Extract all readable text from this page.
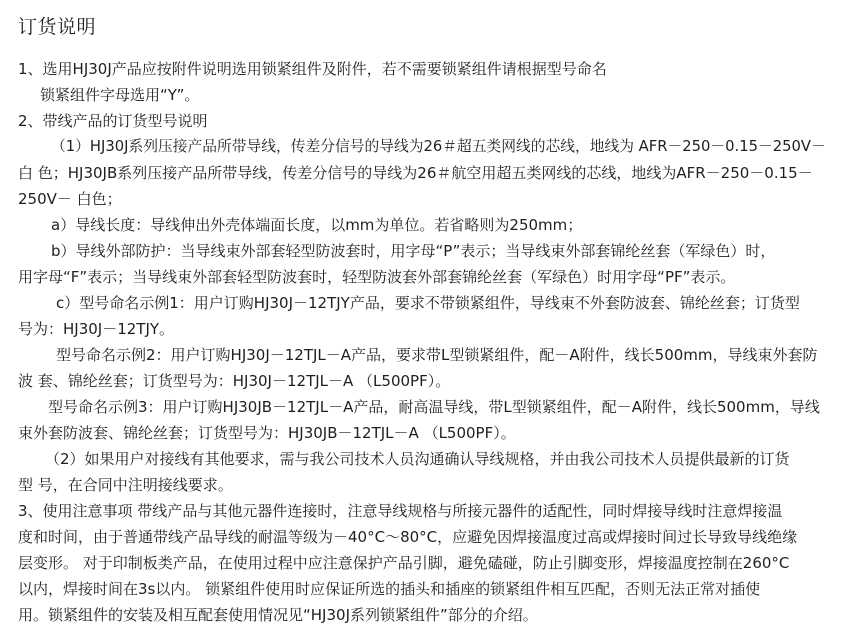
订货说明

1、选用HJ30J产品应按附件说明选用锁紧组件及附件，若不需要锁紧组件请根据型号命名

锁紧组件字母选用“Y”。

2、带线产品的订货型号说明

（1）HJ30J系列压接产品所带导线，传差分信号的导线为26＃超五类网线的芯线，地线为 AFR－250－0.15－250V－

白 色；HJ30JB系列压接产品所带导线，传差分信号的导线为26＃航空用超五类网线的芯线，地线为AFR－250－0.15－

250V－ 白色；

a）导线长度：导线伸出外壳体端面长度，以mm为单位。若省略则为250mm；

b）导线外部防护：当导线束外部套轻型防波套时，用字母“P”表示；当导线束外部套锦纶丝套（军绿色）时，

用字母“F”表示；当导线束外部套轻型防波套时，轻型防波套外部套锦纶丝套（军绿色）时用字母“PF”表示。

c）型号命名示例1：用户订购HJ30J－12TJY产品，要求不带锁紧组件，导线束不外套防波套、锦纶丝套；订货型

号为：HJ30J－12TJY。

型号命名示例2：用户订购HJ30J－12TJL－A产品，要求带L型锁紧组件，配－A附件，线长500mm，导线束外套防

波 套、锦纶丝套；订货型号为：HJ30J－12TJL－A （L500PF）。

型号命名示例3：用户订购HJ30JB－12TJL－A产品，耐高温导线，带L型锁紧组件，配－A附件，线长500mm，导线

束外套防波套、锦纶丝套；订货型号为：HJ30JB－12TJL－A （L500PF）。

（2）如果用户对接线有其他要求，需与我公司技术人员沟通确认导线规格，并由我公司技术人员提供最新的订货

型 号，在合同中注明接线要求。

3、使用注意事项 带线产品与其他元器件连接时，注意导线规格与所接元器件的适配性，同时焊接导线时注意焊接温

度和时间，由于普通带线产品导线的耐温等级为－40°C～80°C，应避免因焊接温度过高或焊接时间过长导致导线绝缘

层变形。 对于印制板类产品，在使用过程中应注意保护产品引脚，避免磕碰，防止引脚变形，焊接温度控制在260°C

以内，焊接时间在3s以内。 锁紧组件使用时应保证所选的插头和插座的锁紧组件相互匹配，否则无法正常对插使

用。锁紧组件的安装及相互配套使用情况见“HJ30J系列锁紧组件”部分的介绍。
